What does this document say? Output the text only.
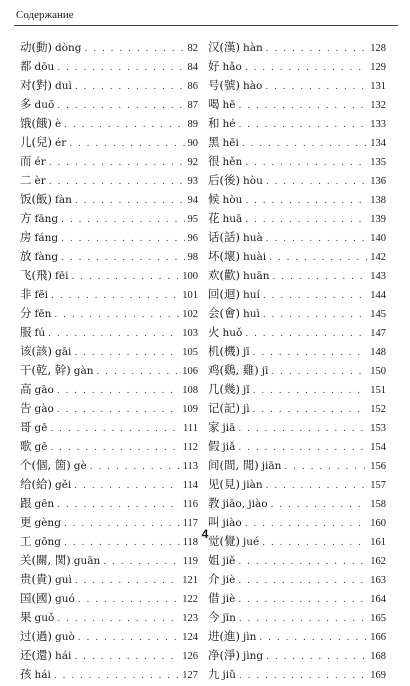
Содержание
动(動) dòng . . .	82
都 dōu . . .	84
对(對) duì . . .	86
多 duō . . .	87
饿(餓) è . . .	89
儿(兒) ér . . .	90
而 ér . . .	92
二 èr . . .	93
饭(飯) fàn . . .	94
方 fāng . . .	95
房 fáng . . .	96
放 fàng . . .	98
飞(飛) fēi . . .	100
非 fēi . . .	101
分 fēn . . .	102
服 fú . . .	103
该(該) gāi . . .	105
干(乾, 幹) gàn . . .	106
高 gāo . . .	108
告 gào . . .	109
哥 gē . . .	111
歌 gē . . .	112
个(個, 箇) gè . . .	113
给(給) gěi . . .	114
跟 gēn . . .	116
更 gèng . . .	117
工 gōng . . .	118
关(關, 関) guān . . .	119
贵(貴) guì . . .	121
国(國) guó . . .	122
果 guǒ . . .	123
过(過) guò . . .	124
还(還) hái . . .	126
孩 hái . . .	127
汉(漢) hàn . . .	128
好 hǎo . . .	129
号(號) hào . . .	131
喝 hē . . .	132
和 hé . . .	133
黑 hēi . . .	134
很 hěn . . .	135
后(後) hòu . . .	136
候 hòu . . .	138
花 huā . . .	139
话(話) huà . . .	140
坏(壞) huài . . .	142
欢(歡) huān . . .	143
回(迴) huí . . .	144
会(會) huì . . .	145
火 huǒ . . .	147
机(機) jī . . .	148
鸡(鷄, 雞) jī . . .	150
几(幾) jǐ . . .	151
记(記) jì . . .	152
家 jiā . . .	153
假 jiǎ . . .	154
间(間, 閒) jiān . . .	156
见(見) jiàn . . .	157
教 jiāo, jiào . . .	158
叫 jiào . . .	160
觉(覺) jué . . .	161
姐 jiě . . .	162
介 jiè . . .	163
借 jiè . . .	164
今 jīn . . .	165
进(進) jìn . . .	166
净(淨) jìng . . .	168
九 jiǔ . . .	169
4
